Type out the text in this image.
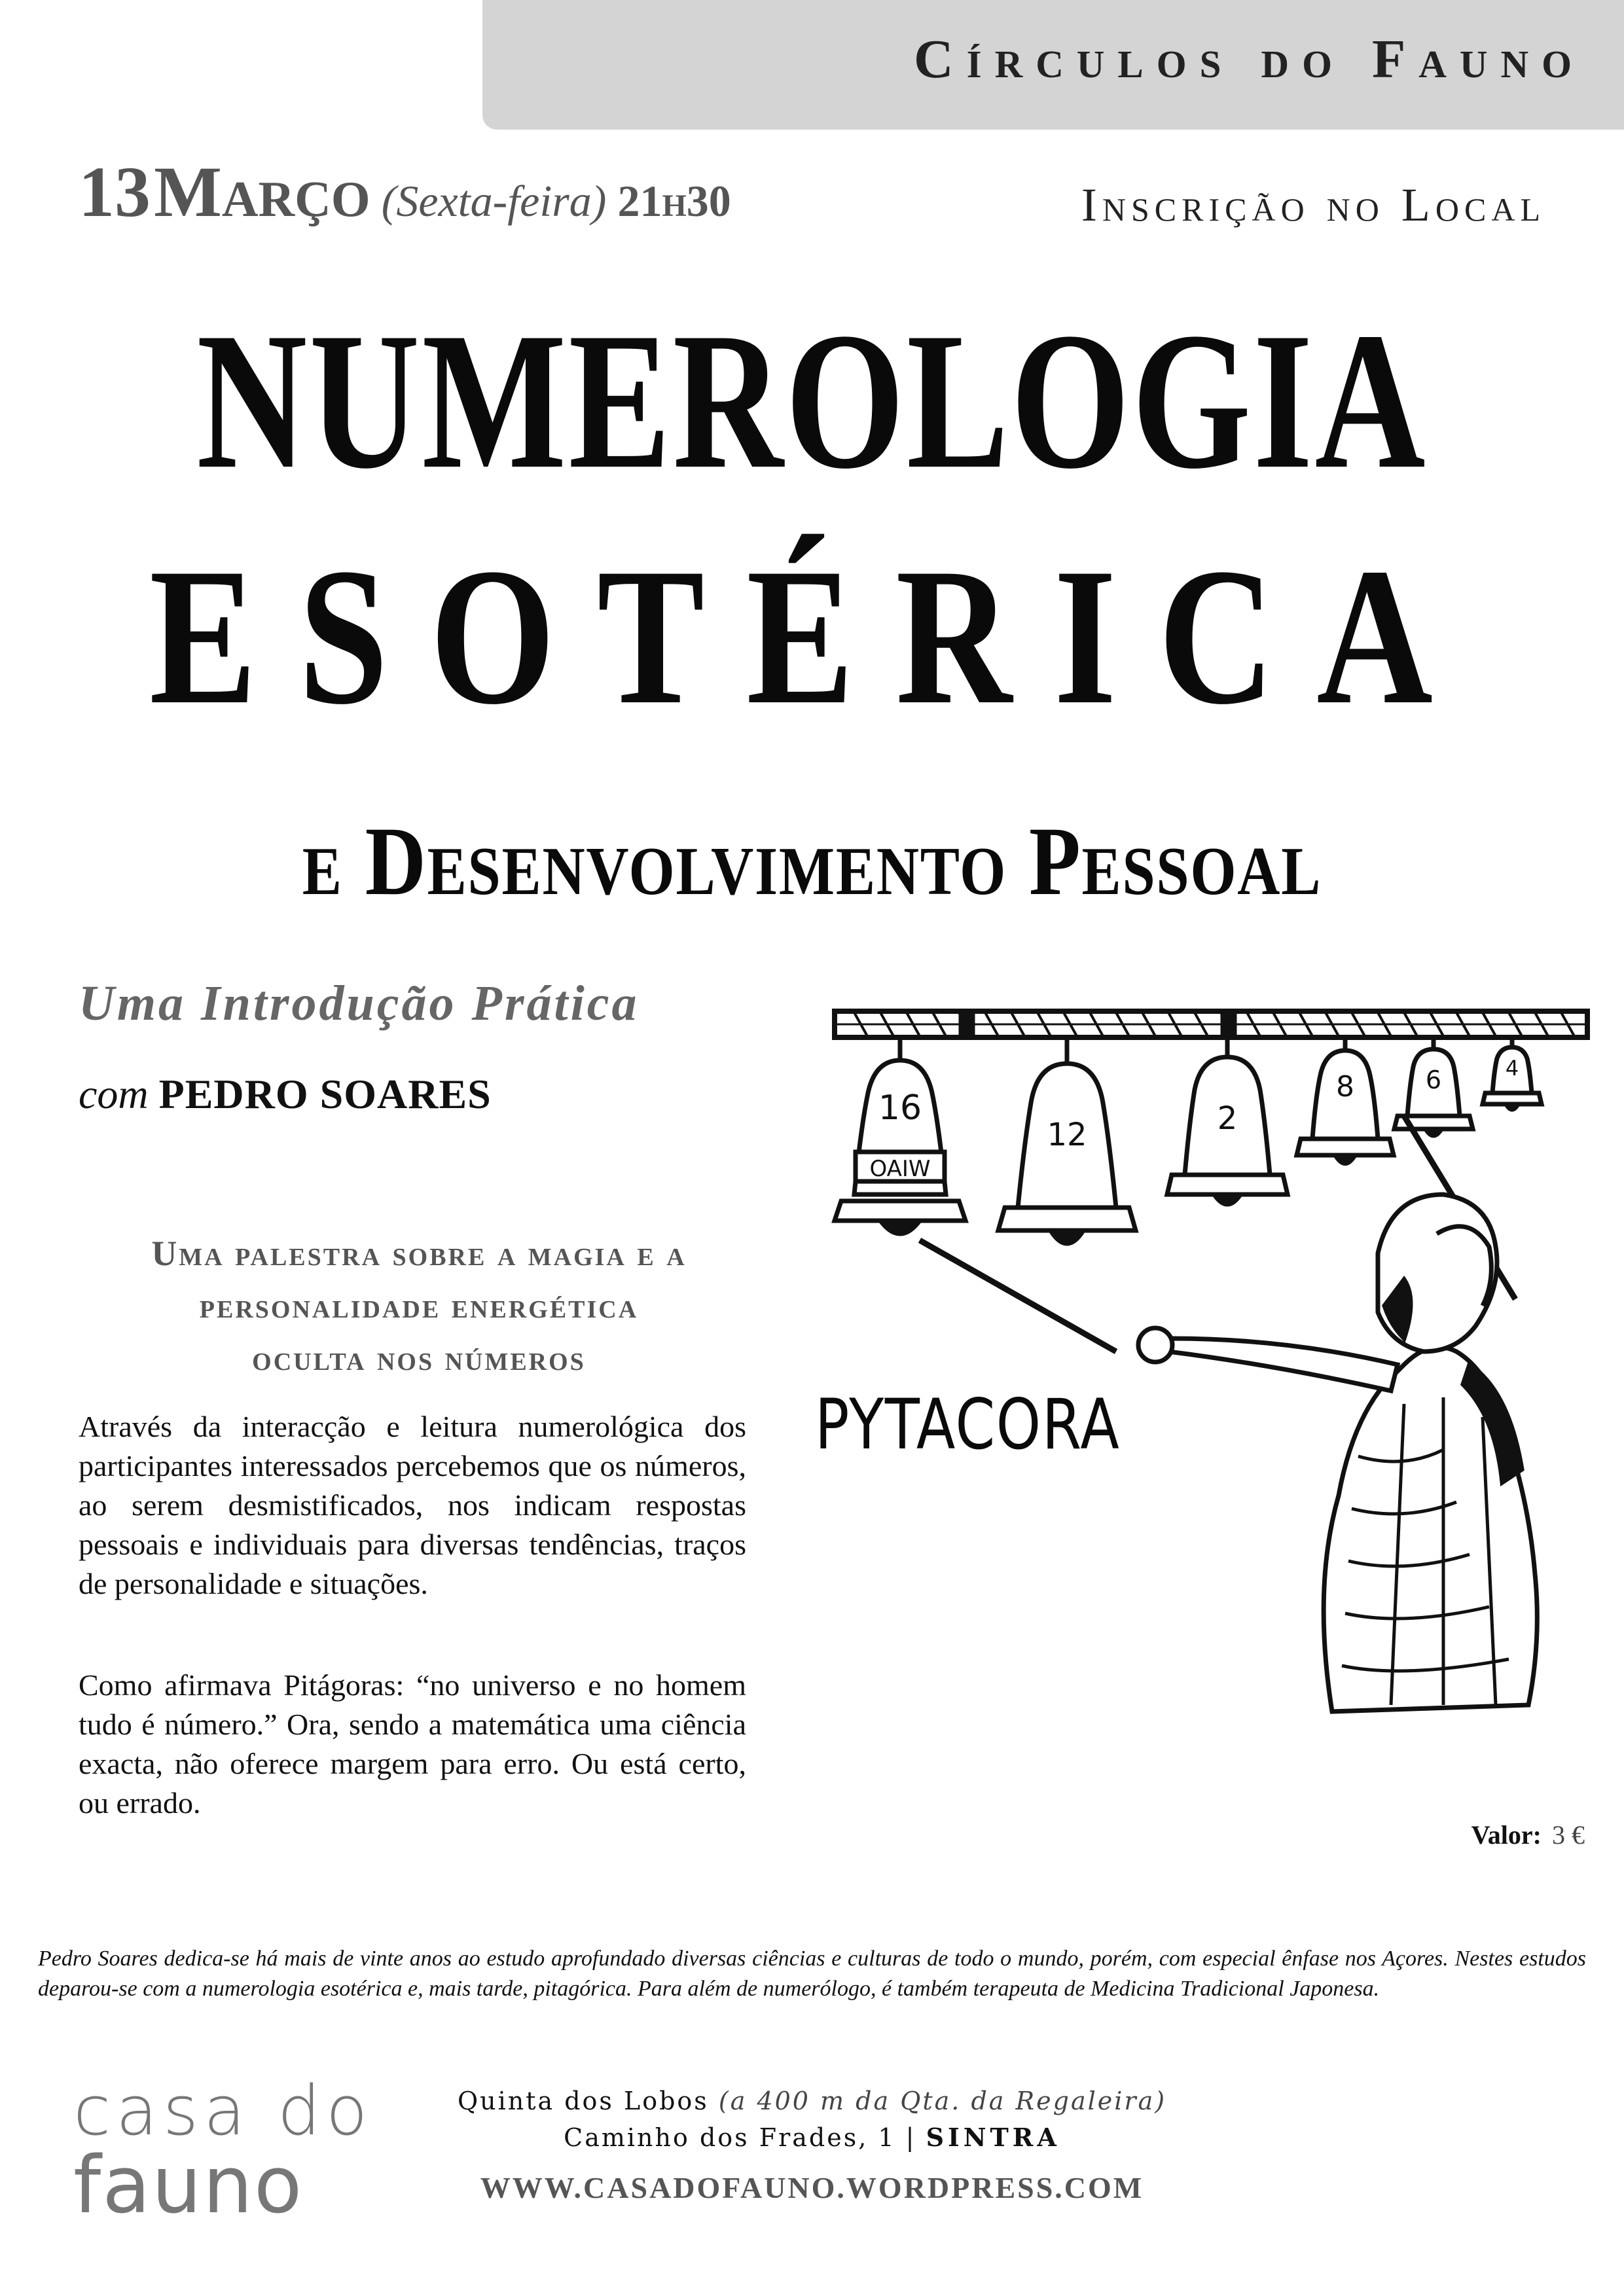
Círculos do Fauno
13 Março (Sexta-feira) 21h30	Inscrição no Local
NUMEROLOGIA
ESOTÉRICA
e Desenvolvimento Pessoal
Uma Introdução Prática
com PEDRO SOARES
Uma palestra sobre a magia e a
personalidade energética
oculta nos números
Através da interacção e leitura numerológica dos participantes interessados percebemos que os números, ao serem desmistificados, nos indicam respostas pessoais e individuais para diversas tendências, traços de personalidade e situações.
Como afirmava Pitágoras: “no universo e no homem tudo é número.” Ora, sendo a matemática uma ciência exacta, não oferece margem para erro. Ou está certo, ou errado.
16
12	2
8	6	4
OAIW
PYTACORA
Valor: 3 €
Pedro Soares dedica-se há mais de vinte anos ao estudo aprofundado diversas ciências e culturas de todo o mundo, porém, com especial ênfase nos Açores. Nestes estudos deparou-se com a numerologia esotérica e, mais tarde, pitagórica. Para além de numerólogo, é também terapeuta de Medicina Tradicional Japonesa.
casa do
fauno
Quinta dos Lobos (a 400 m da Qta. da Regaleira)
Caminho dos Frades, 1 | SINTRA
WWW.CASADOFAUNO.WORDPRESS.COM
